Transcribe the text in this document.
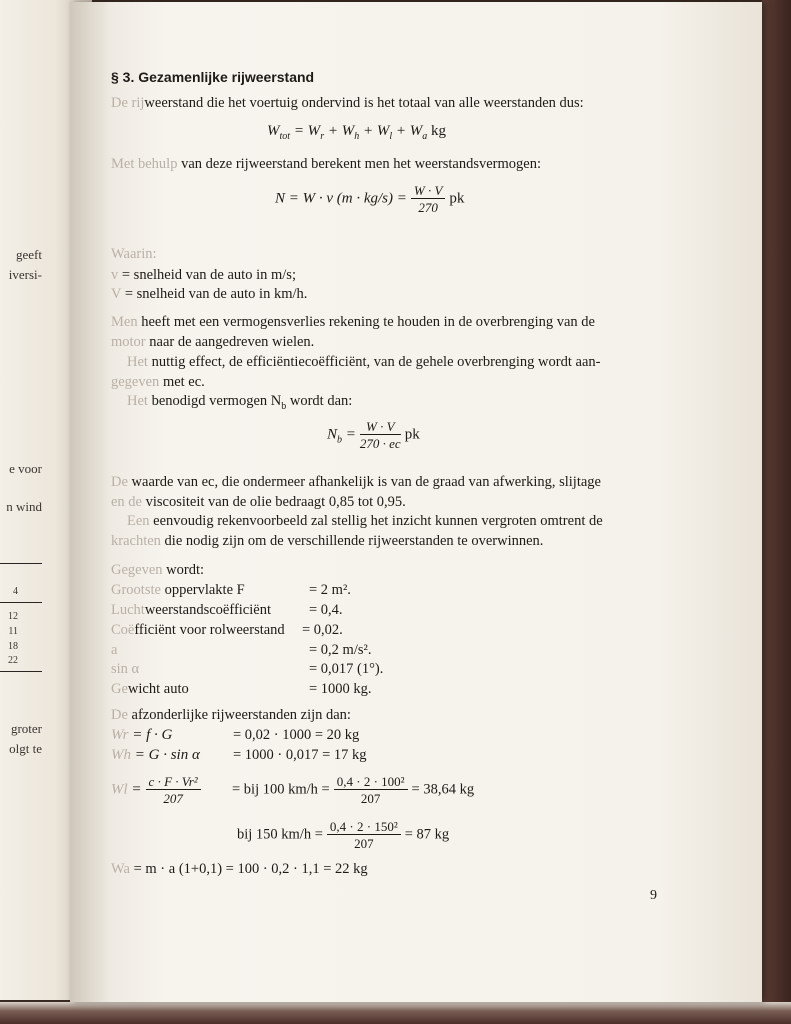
geeft
iversi-
e voor
n wind
4
12
11
18
22
groter
olgt te
§ 3. Gezamenlijke rijweerstand
De rijweerstand die het voertuig ondervind is het totaal van alle weerstanden dus:
$W_{tot} = W_r + W_h + W_l + W_a$ kg
Met behulp van deze rijweerstand berekent men het weerstandsvermogen:
N = W · v $(m \cdot kg/s) = \frac{W \cdot V}{270}$ pk
Waarin:
v = snelheid van de auto in m/s;
V = snelheid van de auto in km/h.
Men heeft met een vermogensverlies rekening te houden in de overbrenging van de
motor naar de aangedreven wielen.
Het nuttig effect, de efficiëntiecoëfficiënt, van de gehele overbrenging wordt aan-
gegeven met ec.
Het benodigd vermogen $N_b$ wordt dan:
$N_b = \frac{W \cdot V}{270 \cdot ec}$ pk
De waarde van ec, die ondermeer afhankelijk is van de graad van afwerking, slijtage
en de viscositeit van de olie bedraagt 0,85 tot 0,95.
Een eenvoudig rekenvoorbeeld zal stellig het inzicht kunnen vergroten omtrent de
krachten die nodig zijn om de verschillende rijweerstanden te overwinnen.
Gegeven wordt:
Grootste oppervlakte F	= 2 m².
Luchtweerstandscoëfficiënt	= 0,4.
Coëfficiënt voor rolweerstand = 0,02.
a	= 0,2 m/s².
sin α	= 0,017 (1°).
Gewicht auto	= 1000 kg.
De afzonderlijke rijweerstanden zijn dan:
Wr = f · G	= 0,02 · 1000 = 20 kg
Wh = G · sin α = 1000 · 0,017 = 17 kg
$Wl = \frac{\text{c · F · Vr²}}{207}$ = bij 100 $km/h = \frac{\text{0,4 · 2 · 100²}}{207} = 38,64$ kg
bij 150 $km/h = \frac{\text{0,4 · 2 · 150²}}{207} = 87$ kg
Wa = m · a (1+0,1) = 100 · 0,2 · 1,1 = 22 kg
9
